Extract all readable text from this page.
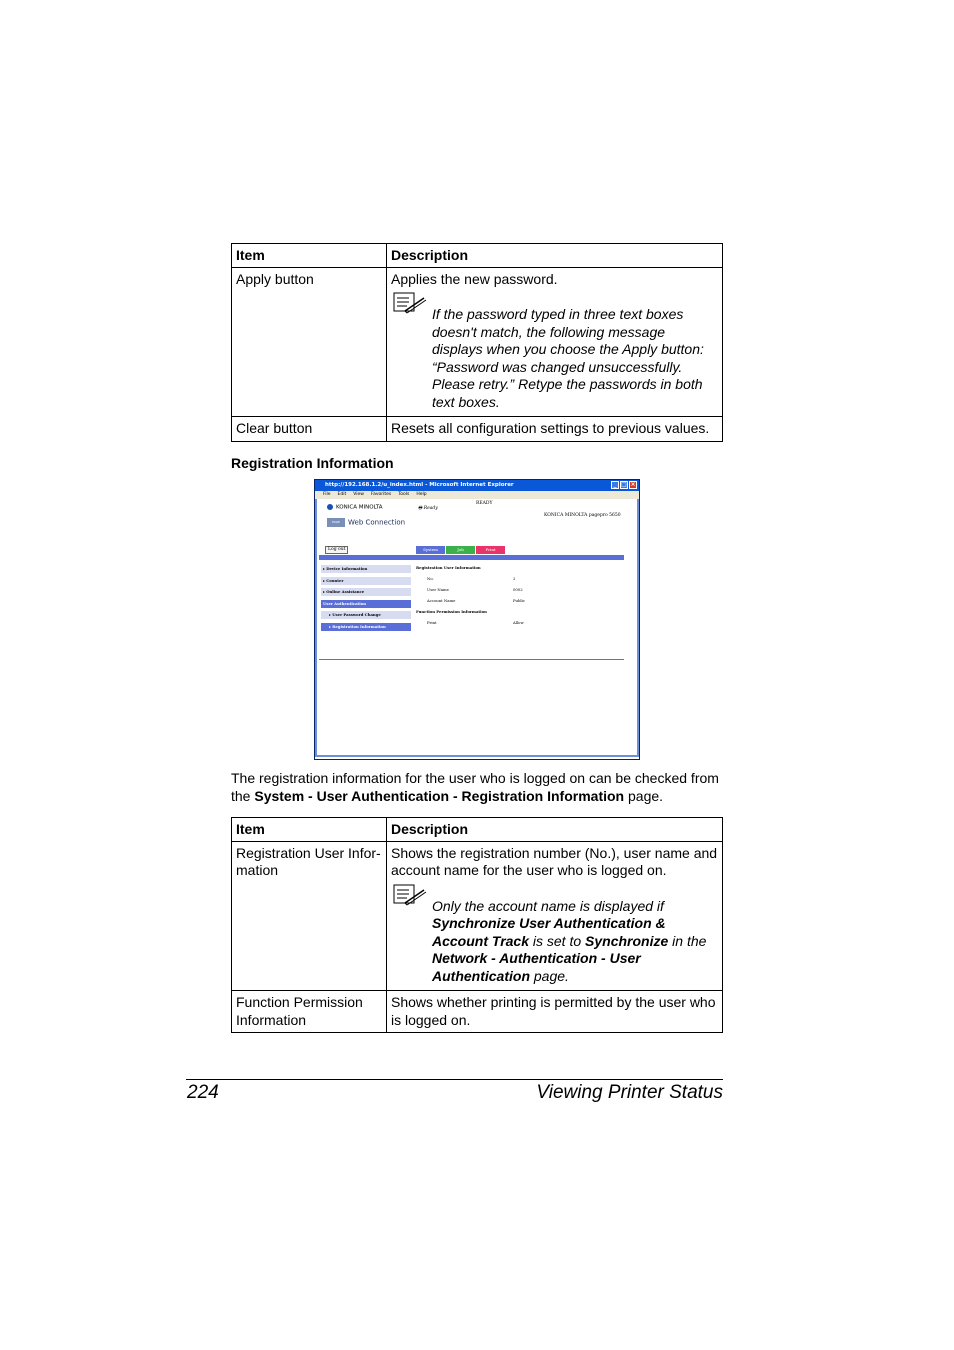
Item	Description
Apply button	Applies the new password.
If the password typed in three text boxes doesn't match, the following message displays when you choose the Apply button: “Password was changed unsuccessfully. Please retry.” Retype the passwords in both text boxes.

Clear button	Resets all configuration settings to previous values.
Registration Information
http://192.168.1.2/u_index.html - Microsoft Internet Explorer	_ □ ×
File Edit View Favorites Tools Help
KONICA MINOLTA
PAGE SCOPEWeb Connection
🖶 Ready
READY
KONICA MINOLTA pagepro 5650
Log out	System	Job	Print
▸ Device Information
▸ Counter
▸ Online Assistance
User Authentication
▸ User Password Change
▸ Registration Information
Registration User Information
No.	2
User Name	0002
Account Name	Public
Function Permission Information
Print	Allow
The registration information for the user who is logged on can be checked from the System - User Authentication - Registration Information page.
Item	Description
Registration User Infor-mation	Shows the registration number (No.), user name and account name for the user who is logged on.
Only the account name is displayed if Synchronize User Authentication & Account Track is set to Synchronize in the Network - Authentication - User Authentication page.

Function Permission Information	Shows whether printing is permitted by the user who is logged on.
224	Viewing Printer Status
